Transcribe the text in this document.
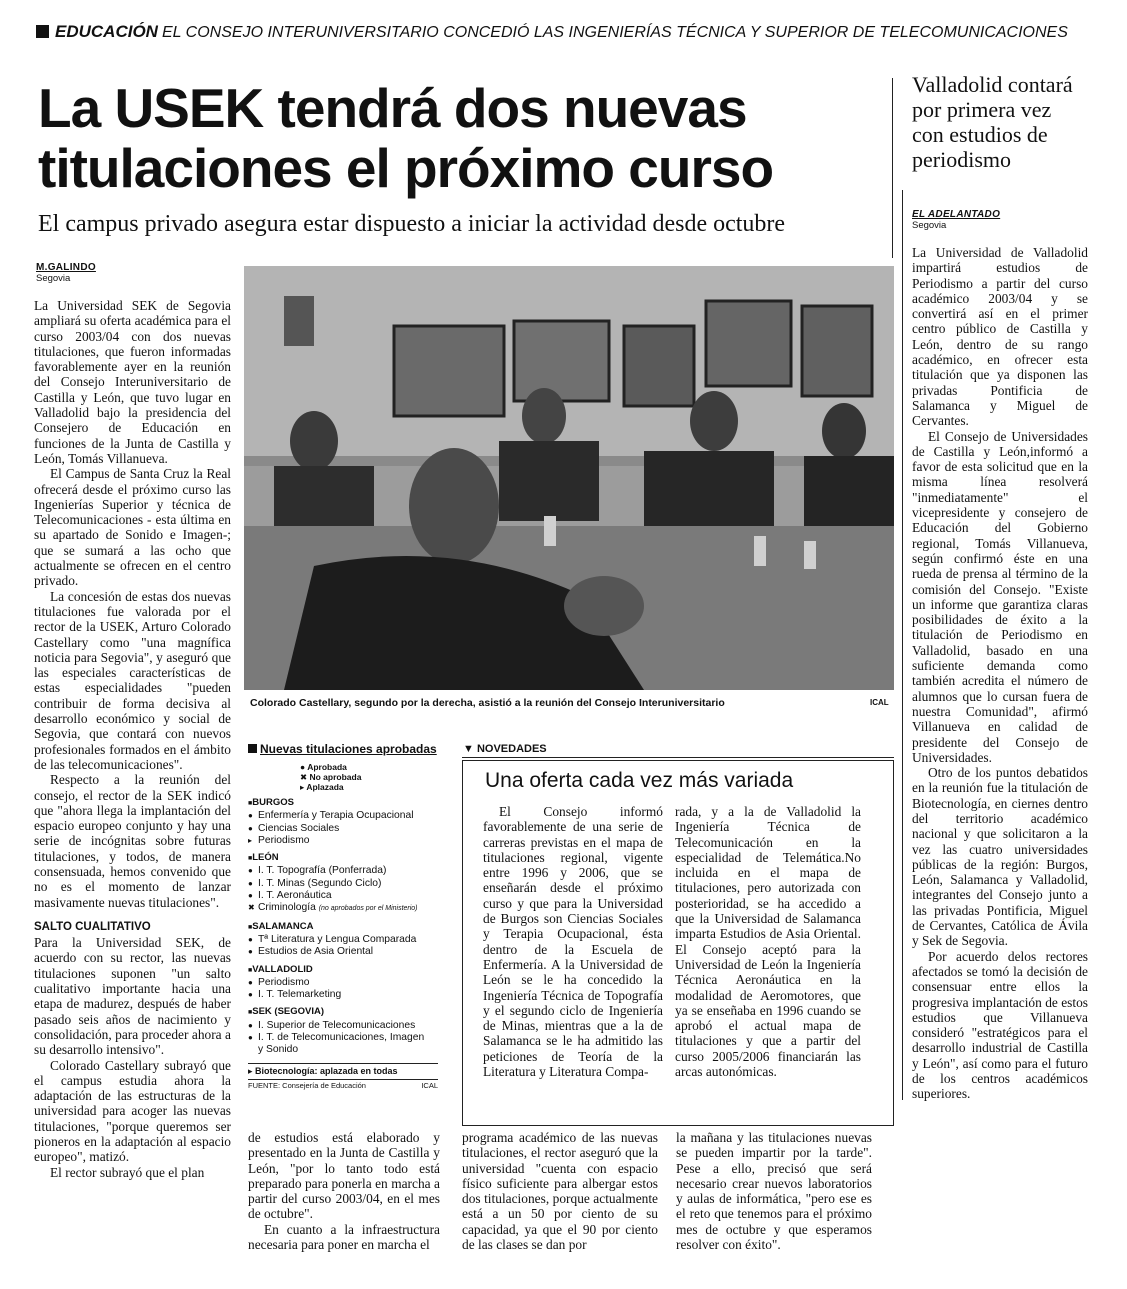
EDUCACIÓN EL CONSEJO INTERUNIVERSITARIO CONCEDIÓ LAS INGENIERÍAS TÉCNICA Y SUPERIOR DE TELECOMUNICACIONES
La USEK tendrá dos nuevas
titulaciones el próximo curso
El campus privado asegura estar dispuesto a iniciar la actividad desde octubre
M.GALINDO
Segovia

La Universidad SEK de Segovia ampliará su oferta académica para el curso 2003/04 con dos nuevas titulaciones, que fueron informadas favorablemente ayer en la reunión del Consejo Interuniversitario de Castilla y León, que tuvo lugar en Valladolid bajo la presidencia del Consejero de Educación en funciones de la Junta de Castilla y León, Tomás Villanueva.

El Campus de Santa Cruz la Real ofrecerá desde el próximo curso las Ingenierías Superior y técnica de Telecomunicaciones - esta última en su apartado de Sonido e Imagen-; que se sumará a las ocho que actualmente se ofrecen en el centro privado.

La concesión de estas dos nuevas titulaciones fue valorada por el rector de la USEK, Arturo Colorado Castellary como "una magnífica noticia para Segovia", y aseguró que las especiales características de estas especialidades "pueden contribuir de forma decisiva al desarrollo económico y social de Segovia, que contará con nuevos profesionales formados en el ámbito de las telecomunicaciones".

Respecto a la reunión del consejo, el rector de la SEK indicó que "ahora llega la implantación del espacio europeo conjunto y hay una serie de incógnitas sobre futuras titulaciones, y todos, de manera consensuada, hemos convenido que no es el momento de lanzar masivamente nuevas titulaciones".

SALTO CUALITATIVO

Para la Universidad SEK, de acuerdo con su rector, las nuevas titulaciones suponen "un salto cualitativo importante hacia una etapa de madurez, después de haber pasado seis años de nacimiento y consolidación, para proceder ahora a su desarrollo intensivo".

Colorado Castellary subrayó que el campus estudia ahora la adaptación de las estructuras de la universidad para acoger las nuevas titulaciones, "porque queremos ser pioneros en la adaptación al espacio europeo", matizó.

El rector subrayó que el plan

Colorado Castellary, segundo por la derecha, asistió a la reunión del Consejo Interuniversitario	ICAL
Nuevas titulaciones aprobadas
● Aprobada
✖ No aprobada
▸ Aplazada
■BURGOS
● Enfermería y Terapia Ocupacional
● Ciencias Sociales
▸ Periodismo
■LEÓN
● I. T. Topografía (Ponferrada)
● I. T. Minas (Segundo Ciclo)
● I. T. Aeronáutica
✖ Criminología (no aprobados por el Ministerio)
■SALAMANCA
● Tª Literatura y Lengua Comparada
● Estudios de Asia Oriental
■VALLADOLID
● Periodismo
● I. T. Telemarketing
■SEK (SEGOVIA)
● I. Superior de Telecomunicaciones
● I. T. de Telecomunicaciones, Imagen
y Sonido
▸ Biotecnología: aplazada en todas
FUENTE: Consejería de Educación	ICAL
▼ NOVEDADES
Una oferta cada vez más variada

El Consejo informó favorablemente de una serie de carreras previstas en el mapa de titulaciones regional, vigente entre 1996 y 2006, que se enseñarán desde el próximo curso y que para la Universidad de Burgos son Ciencias Sociales y Terapia Ocupacional, ésta dentro de la Escuela de Enfermería. A la Universidad de León se le ha concedido la Ingeniería Técnica de Topografía y el segundo ciclo de Ingeniería de Minas, mientras que a la de Salamanca se le ha admitido las peticiones de Teoría de la Literatura y Literatura Compa-

rada, y a la de Valladolid la Ingeniería Técnica de Telecomunicación en la especialidad de Telemática.No incluida en el mapa de titulaciones, pero autorizada con posterioridad, se ha accedido a que la Universidad de Salamanca imparta Estudios de Asia Oriental. El Consejo aceptó para la Universidad de León la Ingeniería Técnica Aeronáutica en la modalidad de Aeromotores, que ya se enseñaba en 1996 cuando se aprobó el actual mapa de titulaciones y que a partir del curso 2005/2006 financiarán las arcas autonómicas.

de estudios está elaborado y presentado en la Junta de Castilla y León, "por lo tanto todo está preparado para ponerla en marcha a partir del curso 2003/04, en el mes de octubre".

En cuanto a la infraestructura necesaria para poner en marcha el

programa académico de las nuevas titulaciones, el rector aseguró que la universidad "cuenta con espacio físico suficiente para albergar estos dos titulaciones, porque actualmente está a un 50 por ciento de su capacidad, ya que el 90 por ciento de las clases se dan por

la mañana y las titulaciones nuevas se pueden impartir por la tarde". Pese a ello, precisó que será necesario crear nuevos laboratorios y aulas de informática, "pero ese es el reto que tenemos para el próximo mes de octubre y que esperamos resolver con éxito".

Valladolid contará por primera vez con estudios de periodismo
EL ADELANTADO
Segovia

La Universidad de Valladolid impartirá estudios de Periodismo a partir del curso académico 2003/04 y se convertirá así en el primer centro público de Castilla y León, dentro de su rango académico, en ofrecer esta titulación que ya disponen las privadas Pontificia de Salamanca y Miguel de Cervantes.

El Consejo de Universidades de Castilla y León,informó a favor de esta solicitud que en la misma línea resolverá "inmediatamente" el vicepresidente y consejero de Educación del Gobierno regional, Tomás Villanueva, según confirmó éste en una rueda de prensa al término de la comisión del Consejo. "Existe un informe que garantiza claras posibilidades de éxito a la titulación de Periodismo en Valladolid, basado en una suficiente demanda como también acredita el número de alumnos que lo cursan fuera de nuestra Comunidad", afirmó Villanueva en calidad de presidente del Consejo de Universidades.

Otro de los puntos debatidos en la reunión fue la titulación de Biotecnología, en ciernes dentro del territorio académico nacional y que solicitaron a la vez las cuatro universidades públicas de la región: Burgos, León, Salamanca y Valladolid, integrantes del Consejo junto a las privadas Pontificia, Miguel de Cervantes, Católica de Ávila y Sek de Segovia.

Por acuerdo delos rectores afectados se tomó la decisión de consensuar entre ellos la progresiva implantación de estos estudios que Villanueva consideró "estratégicos para el desarrollo industrial de Castilla y León", así como para el futuro de los centros académicos superiores.
